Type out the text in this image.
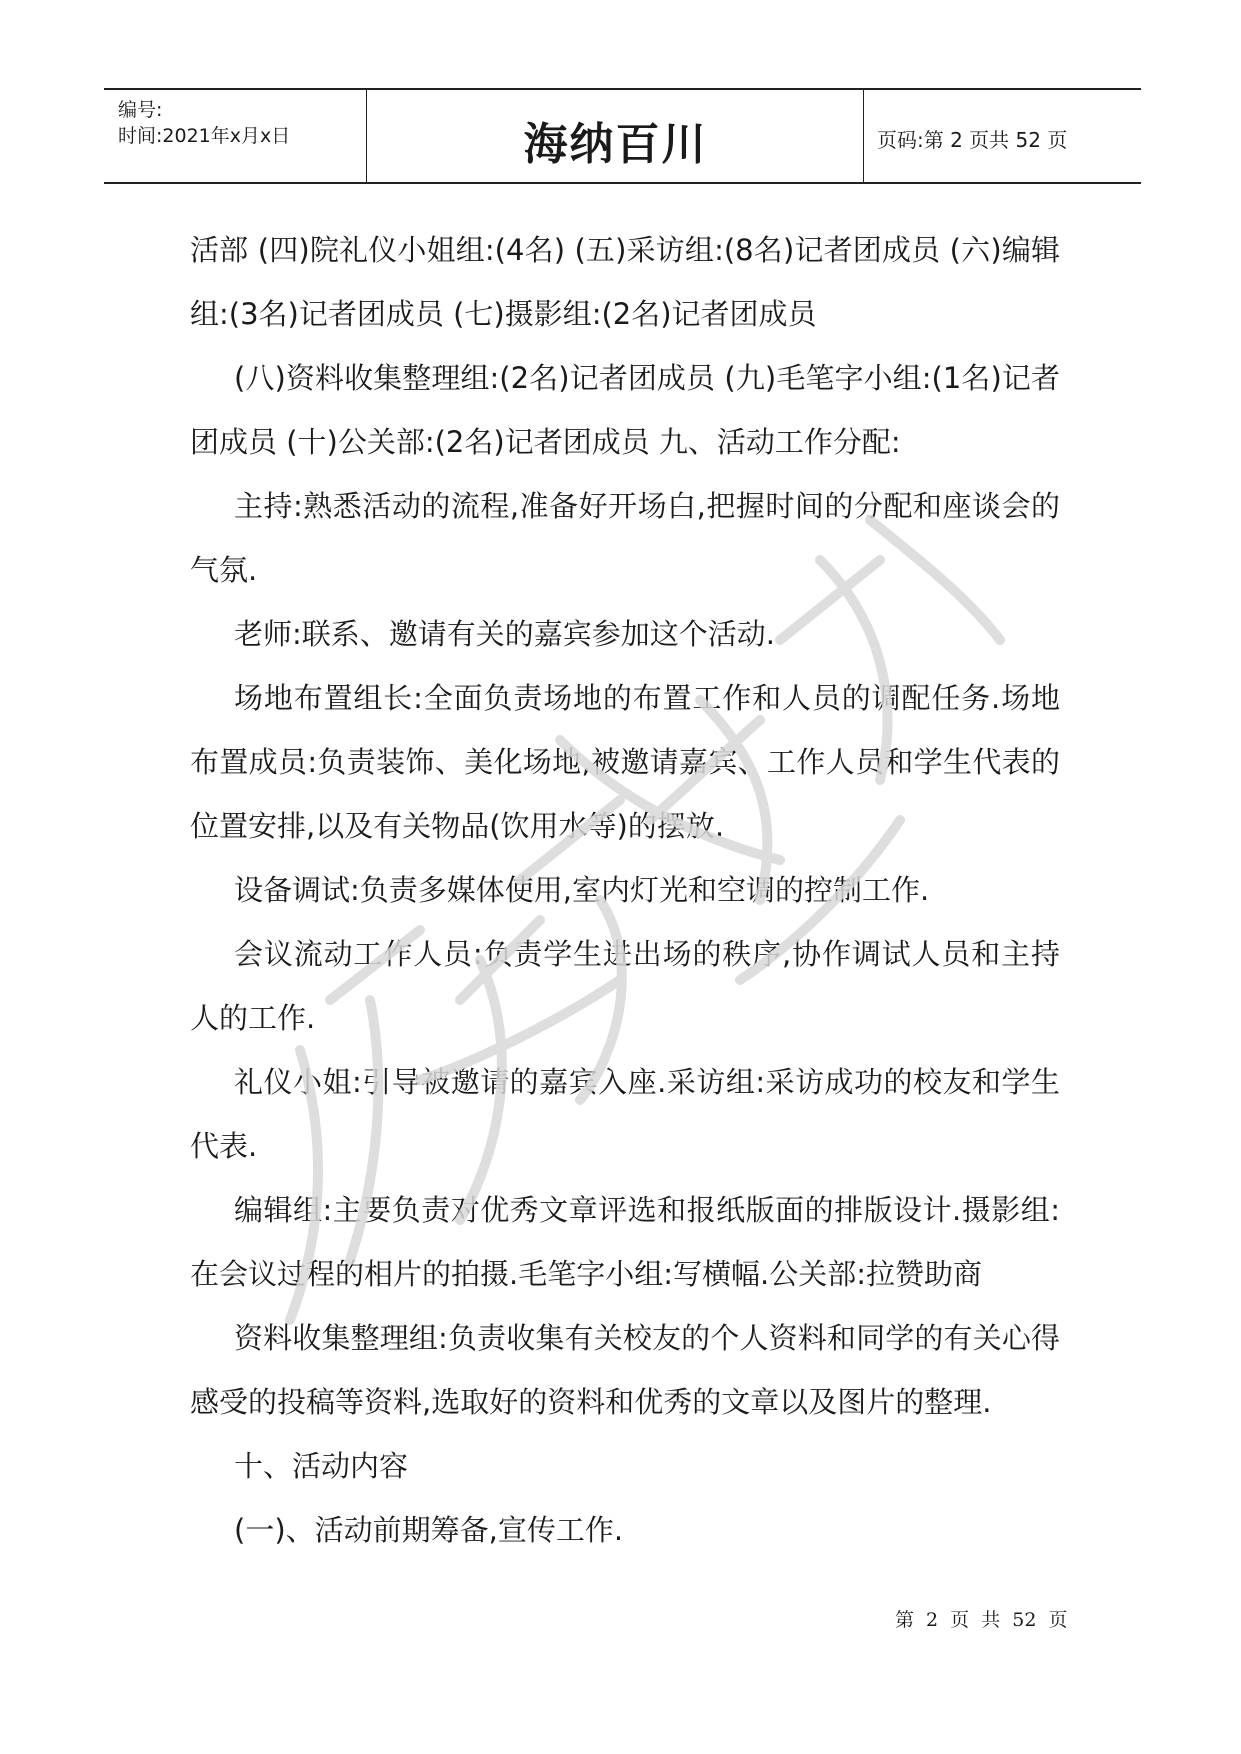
编号:
时间:2021年x月x日	海纳百川	页码:第 2 页共 52 页

活部 (四)院礼仪小姐组:(4名) (五)采访组:(8名)记者团成员 (六)编辑组:(3名)记者团成员 (七)摄影组:(2名)记者团成员

(八)资料收集整理组:(2名)记者团成员 (九)毛笔字小组:(1名)记者团成员 (十)公关部:(2名)记者团成员 九、活动工作分配:

主持:熟悉活动的流程,准备好开场白,把握时间的分配和座谈会的气氛.

老师:联系、邀请有关的嘉宾参加这个活动.

场地布置组长:全面负责场地的布置工作和人员的调配任务.场地布置成员:负责装饰、美化场地,被邀请嘉宾、工作人员和学生代表的位置安排,以及有关物品(饮用水等)的摆放.

设备调试:负责多媒体使用,室内灯光和空调的控制工作.

会议流动工作人员:负责学生进出场的秩序,协作调试人员和主持人的工作.

礼仪小姐:引导被邀请的嘉宾入座.采访组:采访成功的校友和学生代表.

编辑组:主要负责对优秀文章评选和报纸版面的排版设计.摄影组:在会议过程的相片的拍摄.毛笔字小组:写横幅.公关部:拉赞助商

资料收集整理组:负责收集有关校友的个人资料和同学的有关心得感受的投稿等资料,选取好的资料和优秀的文章以及图片的整理.

十、活动内容

(一)、活动前期筹备,宣传工作.

第 2 页 共 52 页
